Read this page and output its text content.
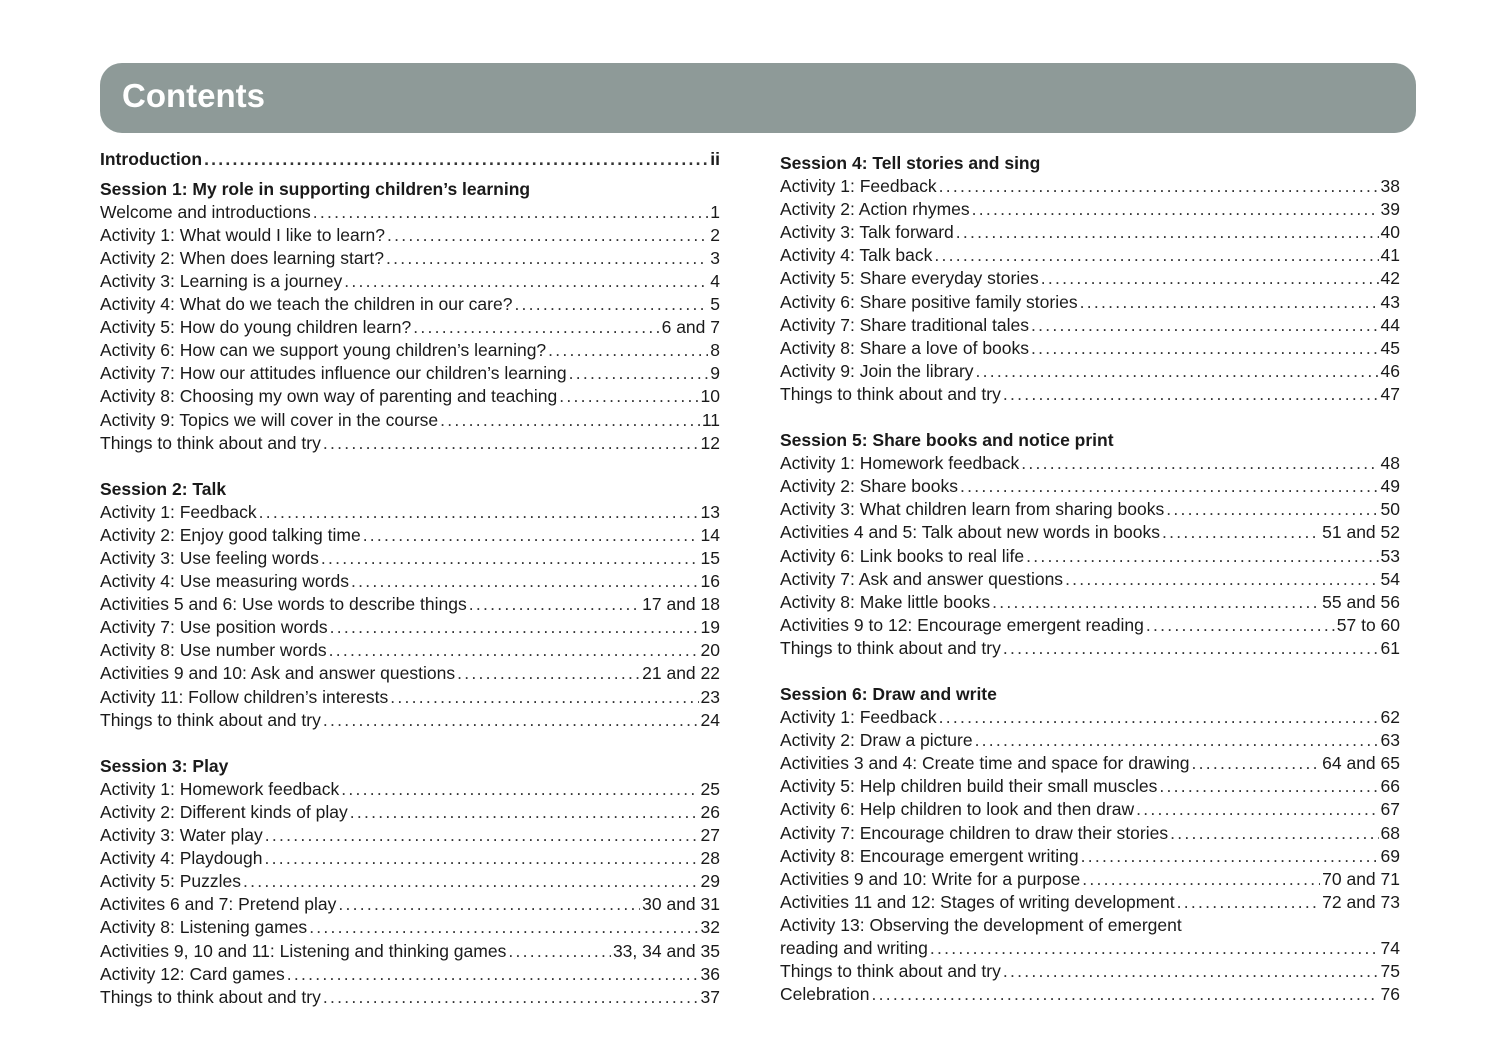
Contents
Introduction . . .	ii
Session 1: My role in supporting children’s learning
Welcome and introductions . . .	1
Activity 1: What would I like to learn? . . .	2
Activity 2: When does learning start? . . .	3
Activity 3: Learning is a journey . . .	4
Activity 4: What do we teach the children in our care? . . .	5
Activity 5: How do young children learn? . . .	6 and 7
Activity 6: How can we support young children’s learning? . . .	8
Activity 7: How our attitudes influence our children’s learning . . .	9
Activity 8: Choosing my own way of parenting and teaching . . .	10
Activity 9: Topics we will cover in the course . . .	11
Things to think about and try . . .	12
Session 2: Talk
Activity 1: Feedback . . .	13
Activity 2: Enjoy good talking time . . .	14
Activity 3: Use feeling words . . .	15
Activity 4: Use measuring words . . .	16
Activities 5 and 6: Use words to describe things . . .	17 and 18
Activity 7: Use position words . . .	19
Activity 8: Use number words . . .	20
Activities 9 and 10: Ask and answer questions . . .	21 and 22
Activity 11: Follow children’s interests . . .	23
Things to think about and try . . .	24
Session 3: Play
Activity 1: Homework feedback . . .	25
Activity 2: Different kinds of play . . .	26
Activity 3: Water play . . .	27
Activity 4: Playdough . . .	28
Activity 5: Puzzles . . .	29
Activites 6 and 7: Pretend play . . .	30 and 31
Activity 8: Listening games . . .	32
Activities 9, 10 and 11: Listening and thinking games . . .	33, 34 and 35
Activity 12: Card games . . .	36
Things to think about and try . . .	37
Session 4: Tell stories and sing
Activity 1: Feedback . . .	38
Activity 2: Action rhymes . . .	39
Activity 3: Talk forward . . .	40
Activity 4: Talk back . . .	41
Activity 5: Share everyday stories . . .	42
Activity 6: Share positive family stories . . .	43
Activity 7: Share traditional tales . . .	44
Activity 8: Share a love of books . . .	45
Activity 9: Join the library . . .	46
Things to think about and try . . .	47
Session 5: Share books and notice print
Activity 1: Homework feedback . . .	48
Activity 2: Share books . . .	49
Activity 3: What children learn from sharing books . . .	50
Activities 4 and 5: Talk about new words in books . . .	51 and 52
Activity 6: Link books to real life . . .	53
Activity 7: Ask and answer questions . . .	54
Activity 8: Make little books . . .	55 and 56
Activities 9 to 12: Encourage emergent reading . . .	57 to 60
Things to think about and try . . .	61
Session 6: Draw and write
Activity 1: Feedback . . .	62
Activity 2: Draw a picture . . .	63
Activities 3 and 4: Create time and space for drawing . . .	64 and 65
Activity 5: Help children build their small muscles . . .	66
Activity 6: Help children to look and then draw . . .	67
Activity 7: Encourage children to draw their stories . . .	68
Activity 8: Encourage emergent writing . . .	69
Activities 9 and 10: Write for a purpose . . .	70 and 71
Activities 11 and 12: Stages of writing development . . .	72 and 73
Activity 13: Observing the development of emergent
reading and writing . . .	74
Things to think about and try . . .	75
Celebration . . .	76
